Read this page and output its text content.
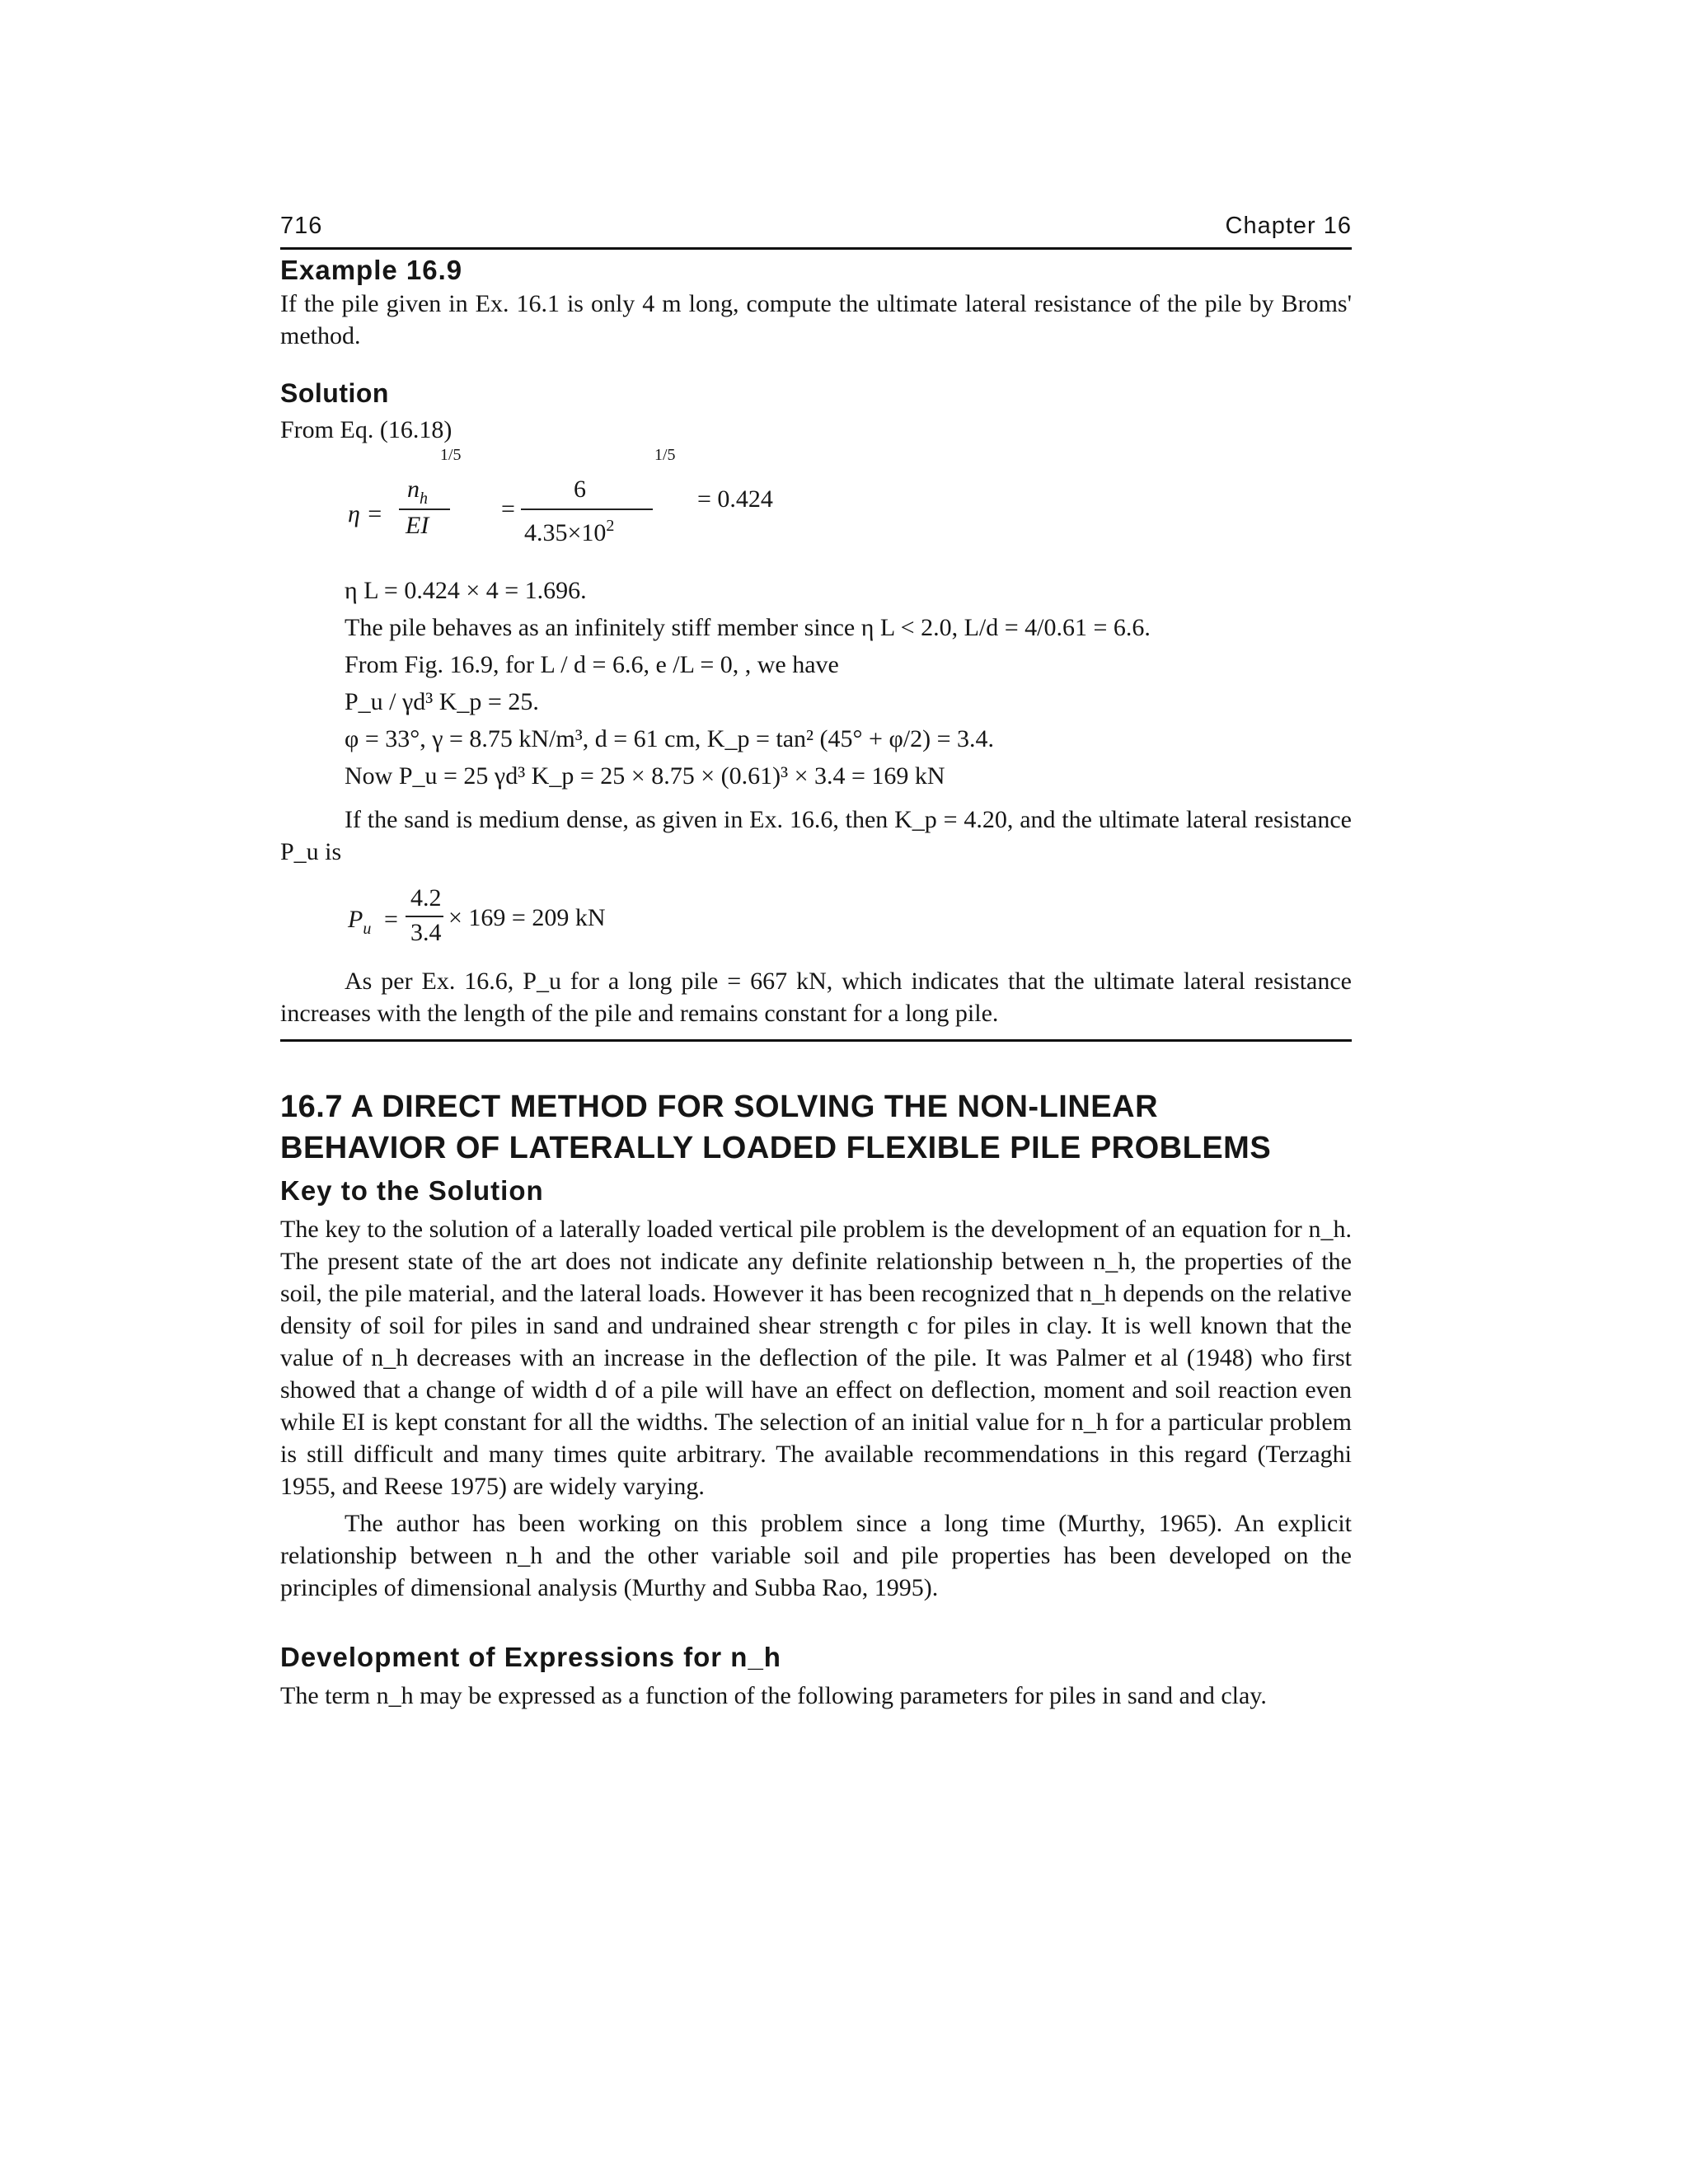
716	Chapter 16
Example 16.9

If the pile given in Ex. 16.1 is only 4 m long, compute the ultimate lateral resistance of the pile by Broms' method.

Solution

From Eq. (16.18)

η =
$n_h$
EI
1/5
=
6
$4.35\times 10^2$
1/5
= 0.424

η L = 0.424 × 4 = 1.696.

The pile behaves as an infinitely stiff member since η L < 2.0, L/d = 4/0.61 = 6.6.

From Fig. 16.9, for L / d = 6.6, e /L = 0, , we have

P_u / γd³ K_p = 25.

φ = 33°, γ = 8.75 kN/m³, d = 61 cm, K_p = tan² (45° + φ/2) = 3.4.

Now P_u = 25 γd³ K_p = 25 × 8.75 × (0.61)³ × 3.4 = 169 kN

If the sand is medium dense, as given in Ex. 16.6, then K_p = 4.20, and the ultimate lateral resistance P_u is

$P_u$ =
4.2
3.4
× 169 = 209 kN

As per Ex. 16.6, P_u for a long pile = 667 kN, which indicates that the ultimate lateral resistance increases with the length of the pile and remains constant for a long pile.

16.7 A DIRECT METHOD FOR SOLVING THE NON-LINEAR
BEHAVIOR OF LATERALLY LOADED FLEXIBLE PILE PROBLEMS
Key to the Solution

The key to the solution of a laterally loaded vertical pile problem is the development of an equation for n_h. The present state of the art does not indicate any definite relationship between n_h, the properties of the soil, the pile material, and the lateral loads. However it has been recognized that n_h depends on the relative density of soil for piles in sand and undrained shear strength c for piles in clay. It is well known that the value of n_h decreases with an increase in the deflection of the pile. It was Palmer et al (1948) who first showed that a change of width d of a pile will have an effect on deflection, moment and soil reaction even while EI is kept constant for all the widths. The selection of an initial value for n_h for a particular problem is still difficult and many times quite arbitrary. The available recommendations in this regard (Terzaghi 1955, and Reese 1975) are widely varying.

The author has been working on this problem since a long time (Murthy, 1965). An explicit relationship between n_h and the other variable soil and pile properties has been developed on the principles of dimensional analysis (Murthy and Subba Rao, 1995).

Development of Expressions for n_h

The term n_h may be expressed as a function of the following parameters for piles in sand and clay.
